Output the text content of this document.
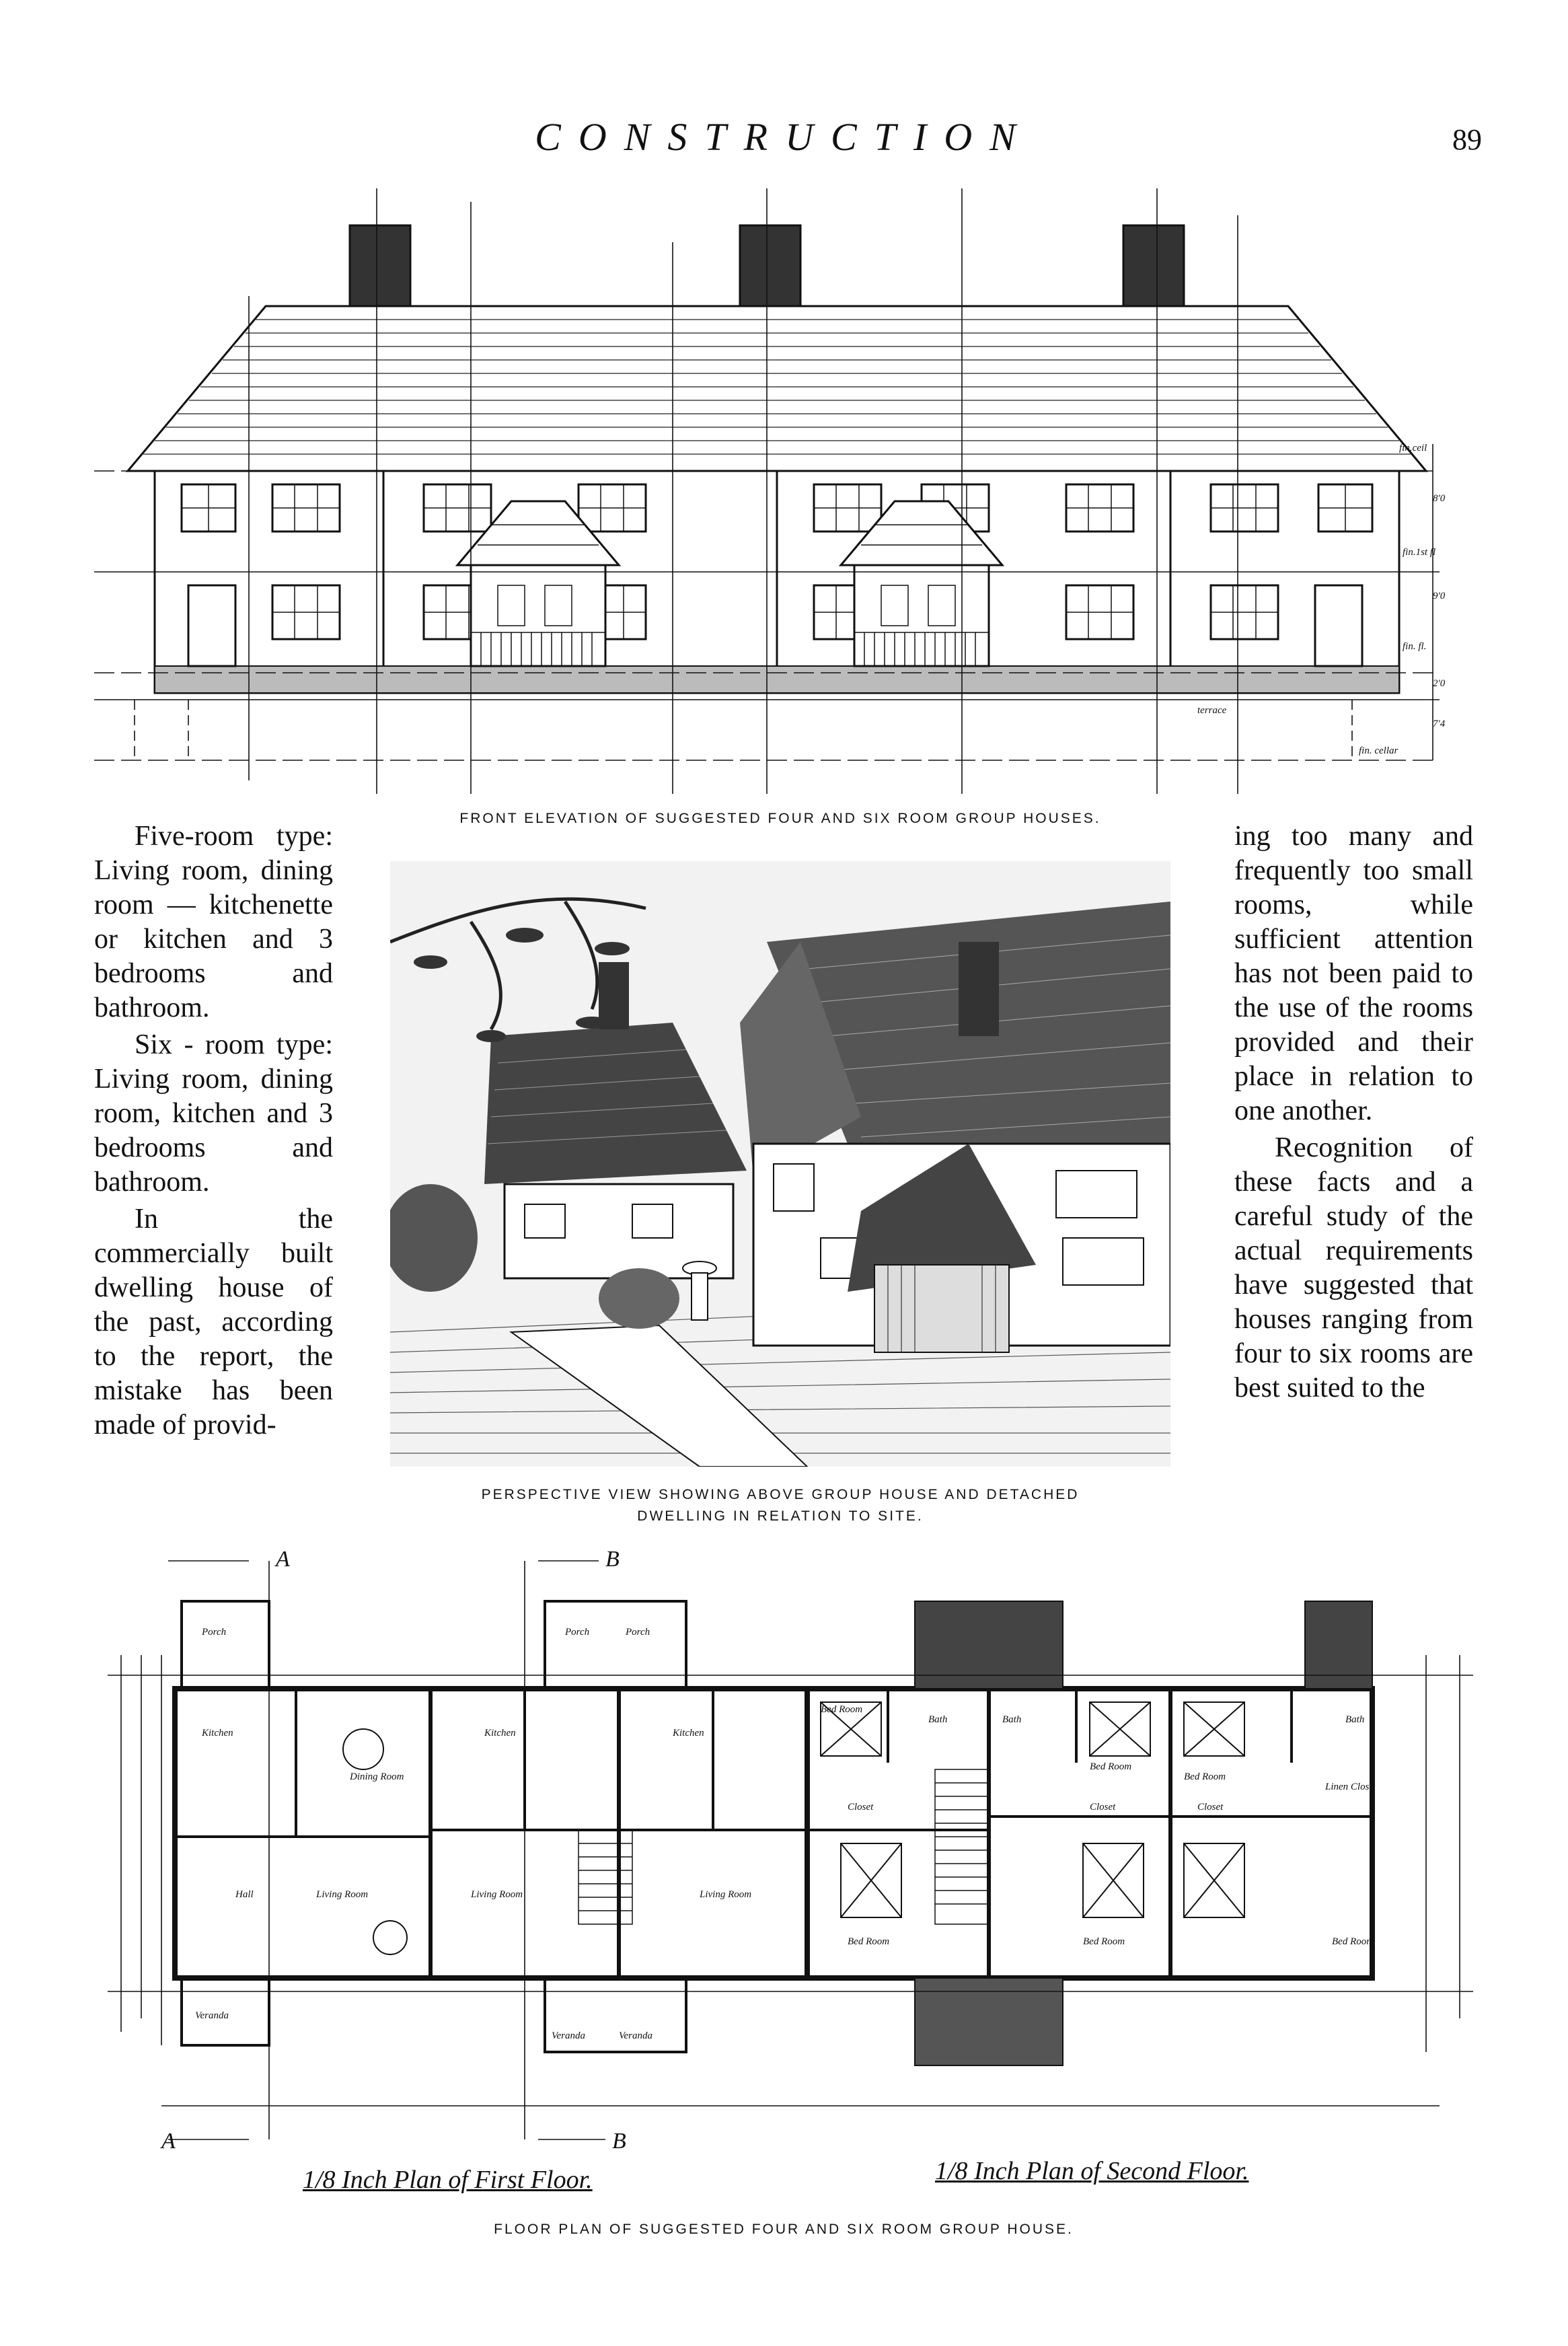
CONSTRUCTION	89
fin.ceil
8'0
fin.1st fl
9'0
fin. fl.
2'0
7'4
terrace
fin. cellar
FRONT ELEVATION OF SUGGESTED FOUR AND SIX ROOM GROUP HOUSES.

Five-room type: Living room, dining room — kitchenette or kitchen and 3 bedrooms and bathroom.

Six - room type: Living room, dining room, kitchen and 3 bedrooms and bathroom.

In the commercially built dwelling house of the past, according to the report, the mistake has been made of provid-

PERSPECTIVE VIEW SHOWING ABOVE GROUP HOUSE AND DETACHED
DWELLING IN RELATION TO SITE.

ing too many and frequently too small rooms, while sufficient attention has not been paid to the use of the rooms provided and their place in relation to one another.

Recognition of these facts and a careful study of the actual requirements have suggested that houses ranging from four to six rooms are best suited to the

A	B
A	B
Porch	Porch	Porch
Kitchen	Kitchen	Kitchen
Dining Room
Living Room	Living Room	Living Room
Hall
Veranda
Veranda	Veranda
Bed Room
Bed Room
Bed Room
Bed Room	Bed Room	Bed Room
Bath	Bath	Bath
Closet	Closet	Closet
Linen Clos.
1/8 Inch Plan of First Floor.	1/8 Inch Plan of Second Floor.
FLOOR PLAN OF SUGGESTED FOUR AND SIX ROOM GROUP HOUSE.
